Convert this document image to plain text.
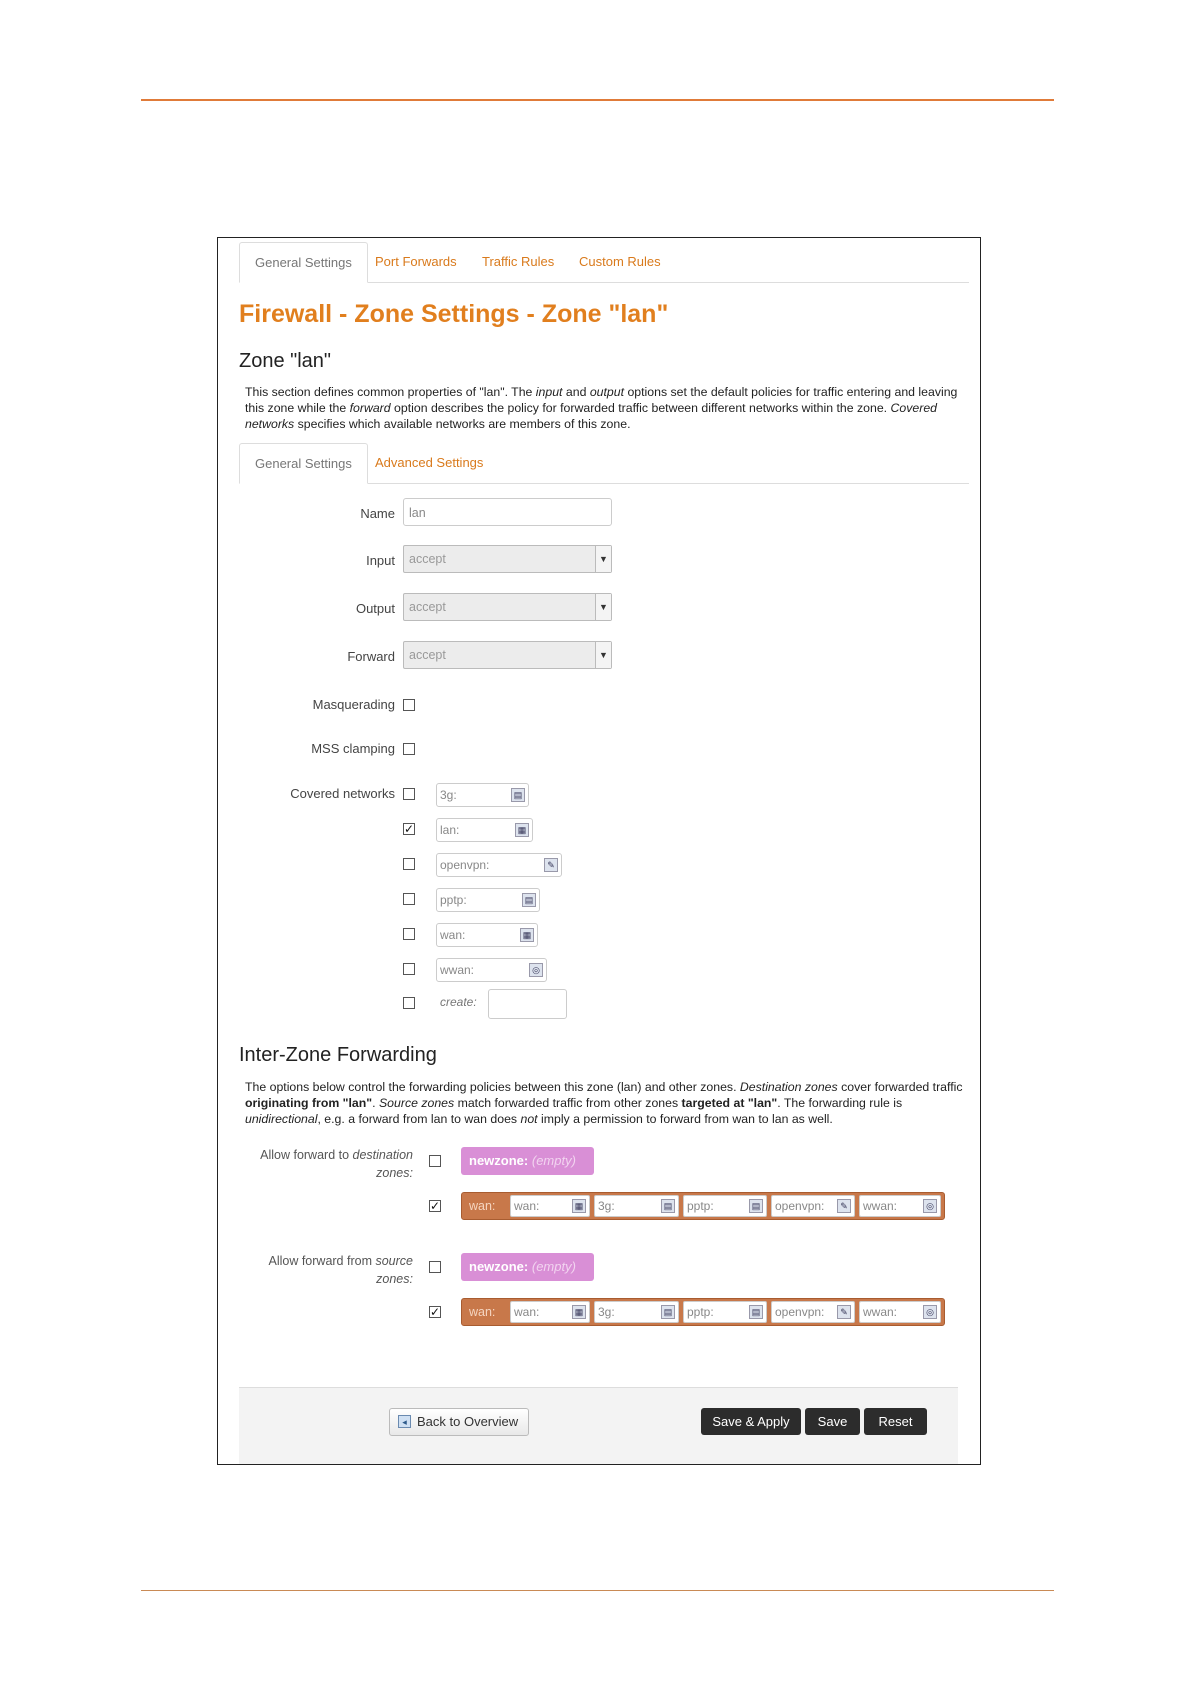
General Settings	Port Forwards Traffic Rules Custom Rules
Firewall - Zone Settings - Zone "lan"
Zone "lan"
This section defines common properties of "lan". The input and output options set the default policies for traffic entering and leaving this zone while the forward option describes the policy for forwarded traffic between different networks within the zone. Covered networks specifies which available networks are members of this zone.
General Settings	Advanced Settings
Name	lan
Input	accept	▼
Output	accept	▼
Forward	accept	▼
Masquerading
MSS clamping
Covered networks	3g:	▤
✓	lan:	▦
openvpn:	✎
pptp:	▤
wan:	▦
wwan:	◎
create:
Inter-Zone Forwarding
The options below control the forwarding policies between this zone (lan) and other zones. Destination zones cover forwarded traffic originating from "lan". Source zones match forwarded traffic from other zones targeted at "lan". The forwarding rule is unidirectional, e.g. a forward from lan to wan does not imply a permission to forward from wan to lan as well.
Allow forward to destination
zones:
newzone: (empty)
✓ wan:	wan:	▦	3g:	▤	pptp:	▤	openvpn:	✎	wwan:	◎
Allow forward from source
zones:
newzone: (empty)
✓ wan:	wan:	▦	3g:	▤	pptp:	▤	openvpn:	✎	wwan:	◎
◂ Back to Overview	Save & Apply	Save	Reset
